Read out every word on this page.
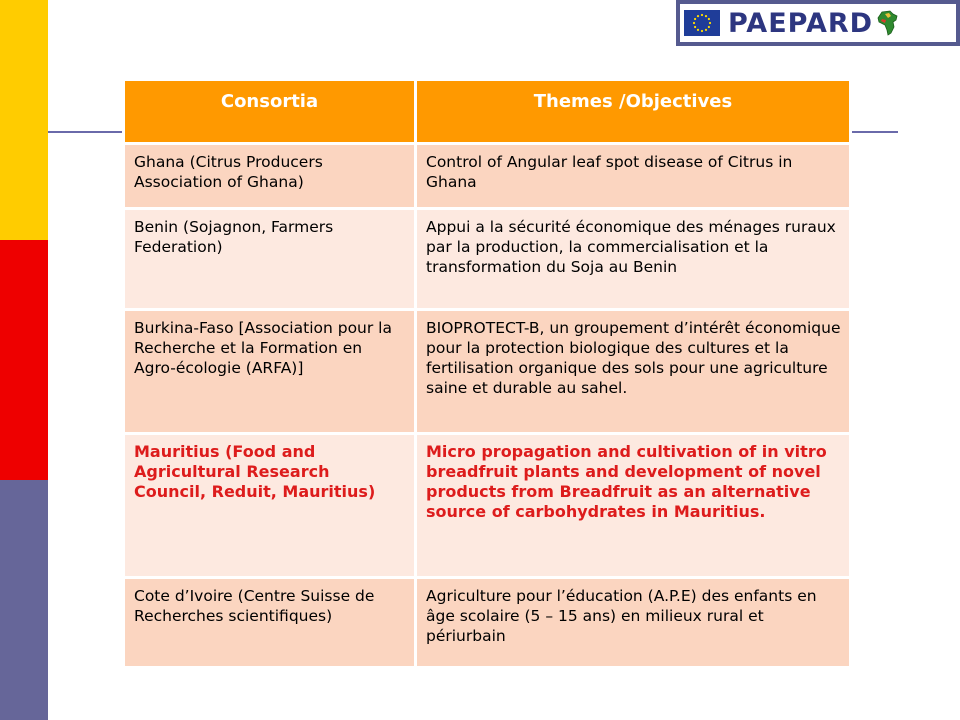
PAEPARD
Consortia	Themes /Objectives
Ghana (Citrus Producers Association of Ghana)	Control of Angular leaf spot disease of Citrus in Ghana
Benin (Sojagnon, Farmers Federation)	Appui a la sécurité économique des ménages ruraux par la production, la commercialisation et la transformation du Soja au Benin
Burkina-Faso [Association pour la Recherche et la Formation en Agro-écologie (ARFA)]	BIOPROTECT-B, un groupement d’intérêt économique pour la protection biologique des cultures et la fertilisation organique des sols pour une agriculture saine et durable au sahel.
Mauritius (Food and Agricultural Research Council, Reduit, Mauritius)	Micro propagation and cultivation of in vitro breadfruit plants and development of novel products from Breadfruit as an alternative source of carbohydrates in Mauritius.
Cote d’Ivoire (Centre Suisse de Recherches scientifiques)	Agriculture pour l’éducation (A.P.E) des enfants en âge scolaire (5 – 15 ans) en milieux rural et périurbain
